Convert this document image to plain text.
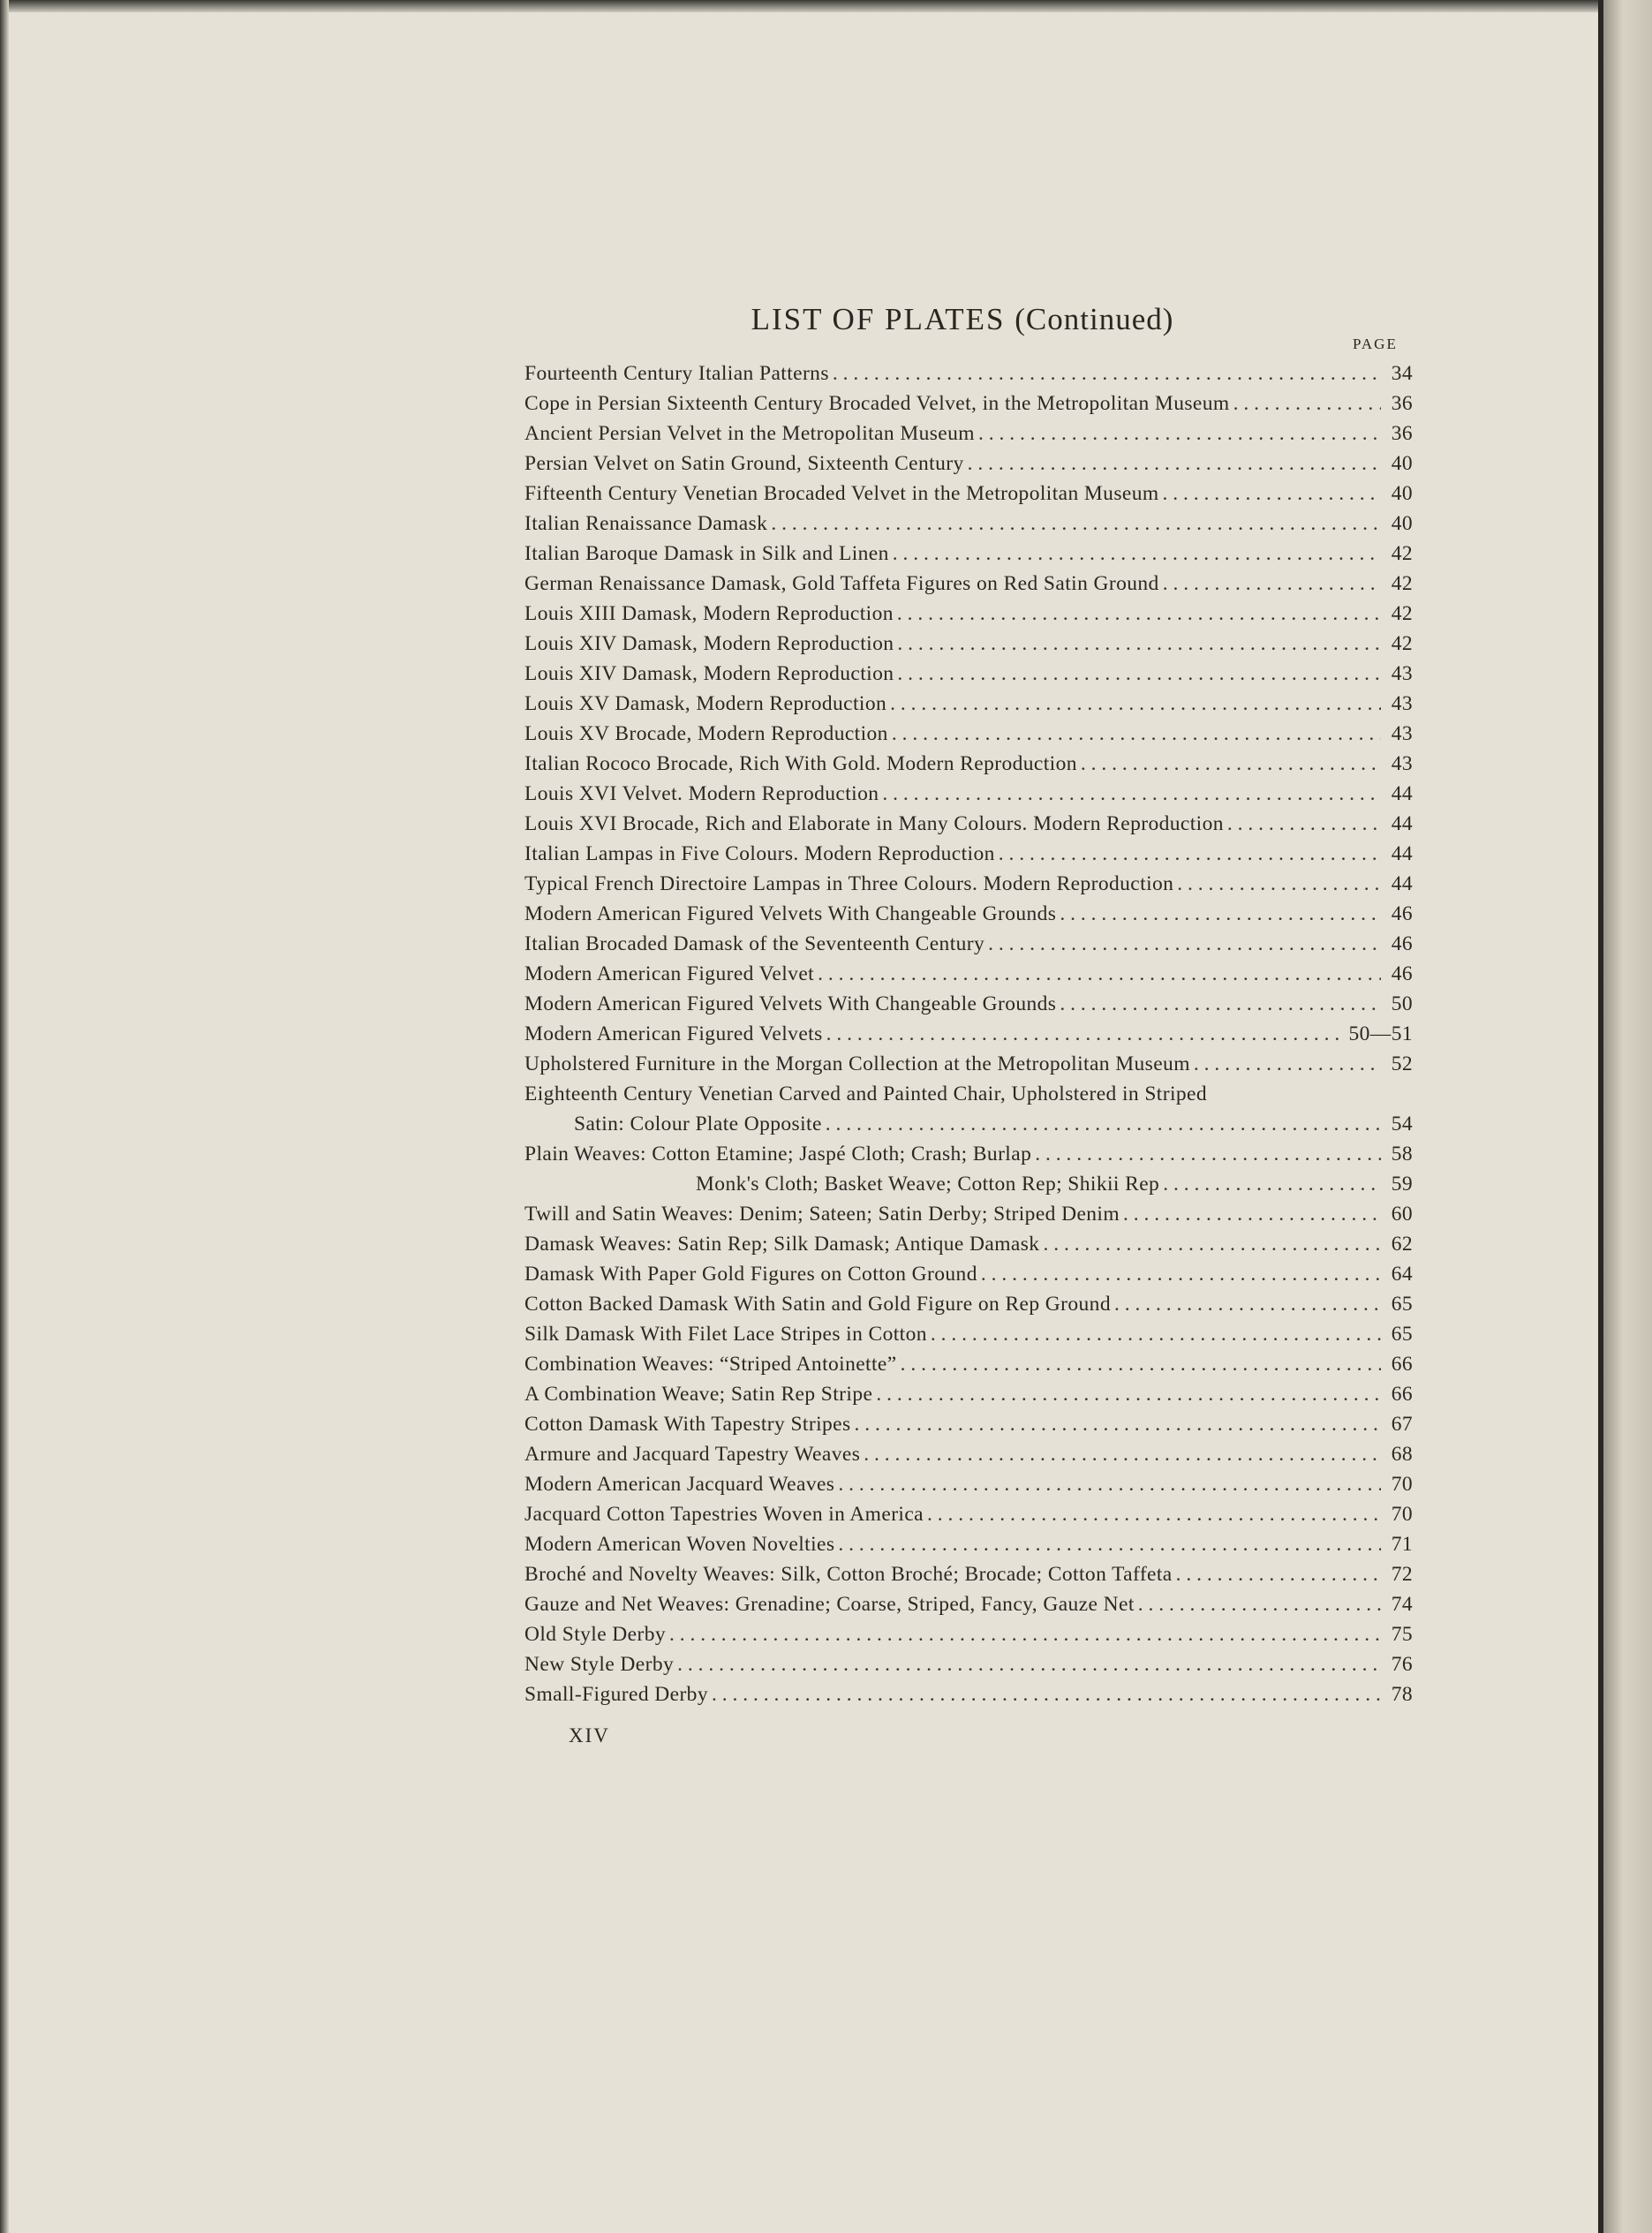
LIST OF PLATES (Continued)
PAGE
Fourteenth Century Italian Patterns . . .	34
Cope in Persian Sixteenth Century Brocaded Velvet, in the Metropolitan Museum . . .	36
Ancient Persian Velvet in the Metropolitan Museum . . .	36
Persian Velvet on Satin Ground, Sixteenth Century . . .	40
Fifteenth Century Venetian Brocaded Velvet in the Metropolitan Museum . . .	40
Italian Renaissance Damask . . .	40
Italian Baroque Damask in Silk and Linen . . .	42
German Renaissance Damask, Gold Taffeta Figures on Red Satin Ground . . .	42
Louis XIII Damask, Modern Reproduction . . .	42
Louis XIV Damask, Modern Reproduction . . .	42
Louis XIV Damask, Modern Reproduction . . .	43
Louis XV Damask, Modern Reproduction . . .	43
Louis XV Brocade, Modern Reproduction . . .	43
Italian Rococo Brocade, Rich With Gold. Modern Reproduction . . .	43
Louis XVI Velvet. Modern Reproduction . . .	44
Louis XVI Brocade, Rich and Elaborate in Many Colours. Modern Reproduction . . .	44
Italian Lampas in Five Colours. Modern Reproduction . . .	44
Typical French Directoire Lampas in Three Colours. Modern Reproduction . . .	44
Modern American Figured Velvets With Changeable Grounds . . .	46
Italian Brocaded Damask of the Seventeenth Century . . .	46
Modern American Figured Velvet . . .	46
Modern American Figured Velvets With Changeable Grounds . . .	50
Modern American Figured Velvets . . .	50—51
Upholstered Furniture in the Morgan Collection at the Metropolitan Museum . . .	52
Eighteenth Century Venetian Carved and Painted Chair, Upholstered in Striped
Satin: Colour Plate Opposite . . .	54
Plain Weaves: Cotton Etamine; Jaspé Cloth; Crash; Burlap . . .	58
Monk's Cloth; Basket Weave; Cotton Rep; Shikii Rep . . .	59
Twill and Satin Weaves: Denim; Sateen; Satin Derby; Striped Denim . . .	60
Damask Weaves: Satin Rep; Silk Damask; Antique Damask . . .	62
Damask With Paper Gold Figures on Cotton Ground . . .	64
Cotton Backed Damask With Satin and Gold Figure on Rep Ground . . .	65
Silk Damask With Filet Lace Stripes in Cotton . . .	65
Combination Weaves: “Striped Antoinette” . . .	66
A Combination Weave; Satin Rep Stripe . . .	66
Cotton Damask With Tapestry Stripes . . .	67
Armure and Jacquard Tapestry Weaves . . .	68
Modern American Jacquard Weaves . . .	70
Jacquard Cotton Tapestries Woven in America . . .	70
Modern American Woven Novelties . . .	71
Broché and Novelty Weaves: Silk, Cotton Broché; Brocade; Cotton Taffeta . . .	72
Gauze and Net Weaves: Grenadine; Coarse, Striped, Fancy, Gauze Net . . .	74
Old Style Derby . . .	75
New Style Derby . . .	76
Small-Figured Derby . . .	78
XIV
